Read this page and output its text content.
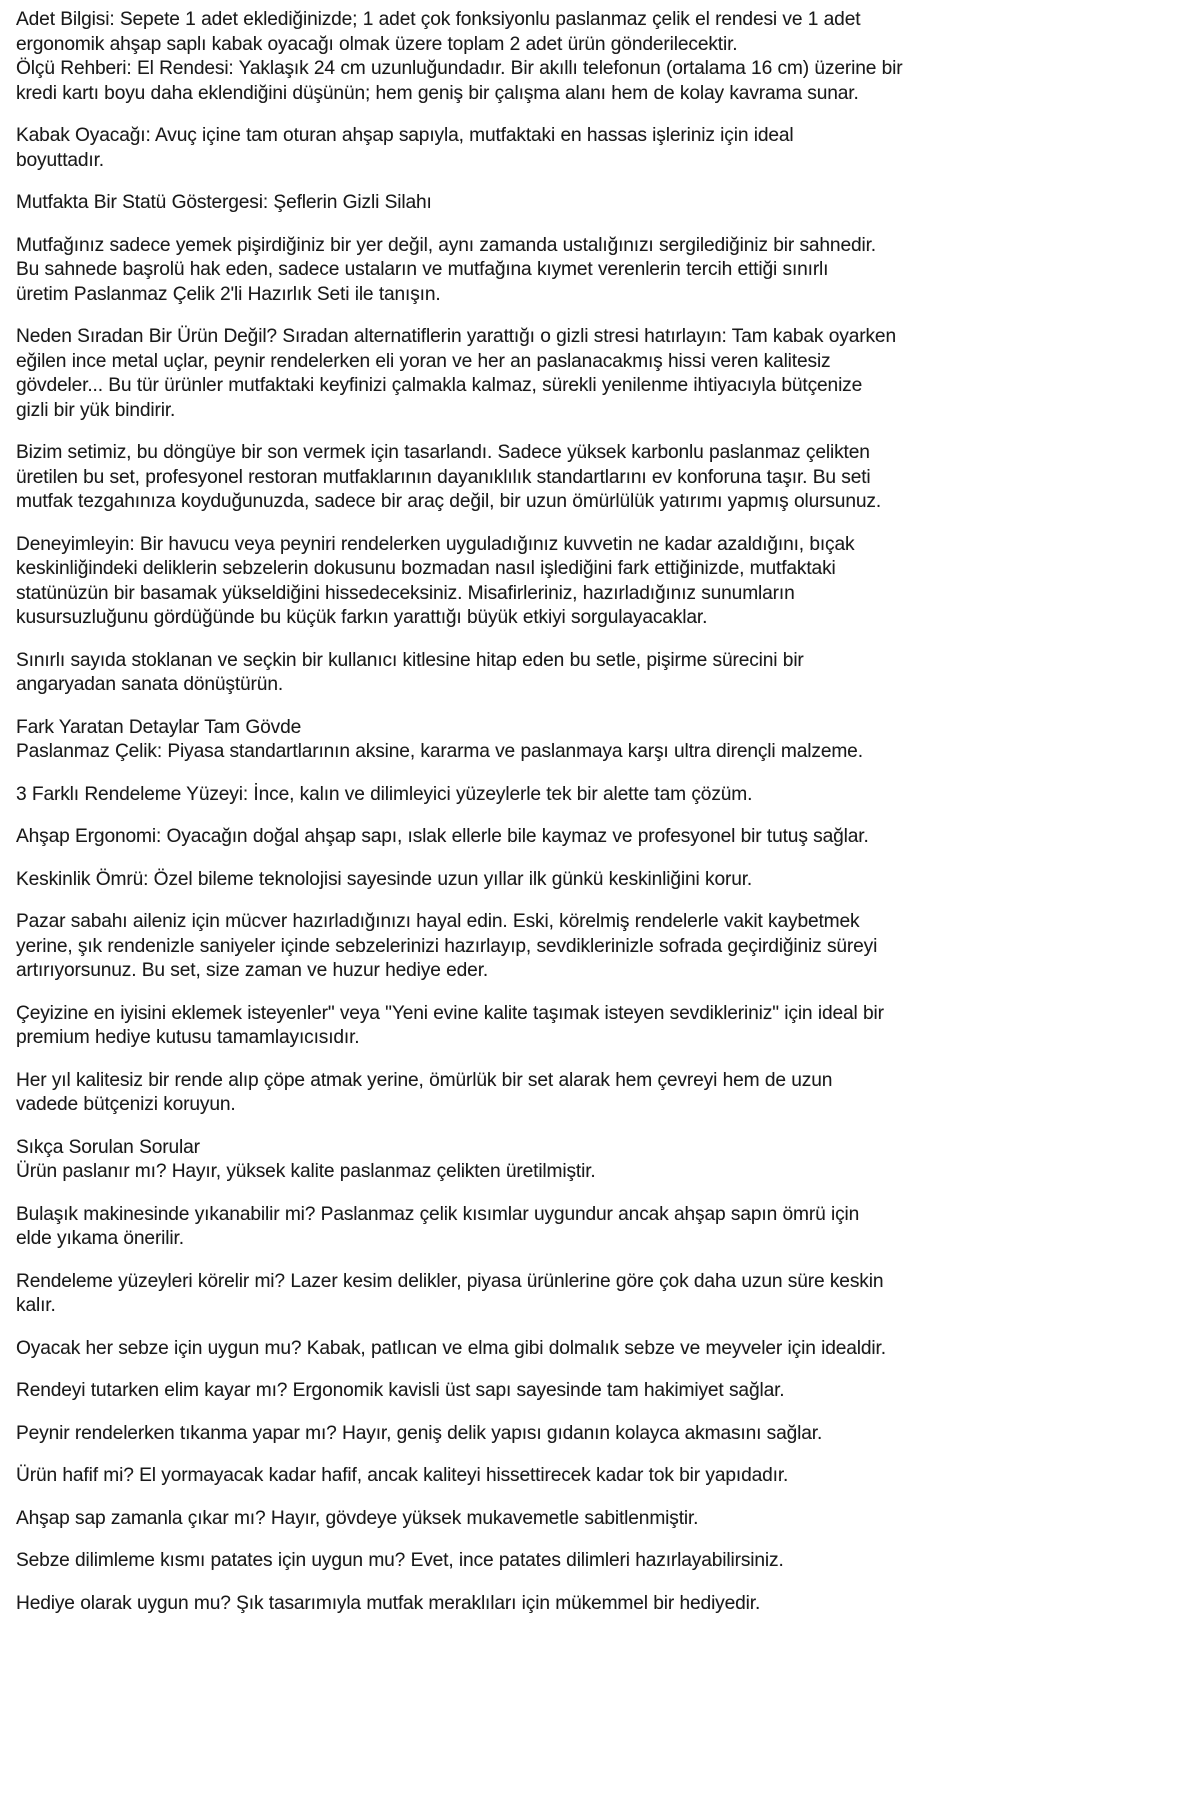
Adet Bilgisi: Sepete 1 adet eklediğinizde; 1 adet çok fonksiyonlu paslanmaz çelik el rendesi ve 1 adet

ergonomik ahşap saplı kabak oyacağı olmak üzere toplam 2 adet ürün gönderilecektir.

Ölçü Rehberi: El Rendesi: Yaklaşık 24 cm uzunluğundadır. Bir akıllı telefonun (ortalama 16 cm) üzerine bir

kredi kartı boyu daha eklendiğini düşünün; hem geniş bir çalışma alanı hem de kolay kavrama sunar.

Kabak Oyacağı: Avuç içine tam oturan ahşap sapıyla, mutfaktaki en hassas işleriniz için ideal

boyuttadır.

Mutfakta Bir Statü Göstergesi: Şeflerin Gizli Silahı

Mutfağınız sadece yemek pişirdiğiniz bir yer değil, aynı zamanda ustalığınızı sergilediğiniz bir sahnedir.

Bu sahnede başrolü hak eden, sadece ustaların ve mutfağına kıymet verenlerin tercih ettiği sınırlı

üretim Paslanmaz Çelik 2'li Hazırlık Seti ile tanışın.

Neden Sıradan Bir Ürün Değil? Sıradan alternatiflerin yarattığı o gizli stresi hatırlayın: Tam kabak oyarken

eğilen ince metal uçlar, peynir rendelerken eli yoran ve her an paslanacakmış hissi veren kalitesiz

gövdeler... Bu tür ürünler mutfaktaki keyfinizi çalmakla kalmaz, sürekli yenilenme ihtiyacıyla bütçenize

gizli bir yük bindirir.

Bizim setimiz, bu döngüye bir son vermek için tasarlandı. Sadece yüksek karbonlu paslanmaz çelikten

üretilen bu set, profesyonel restoran mutfaklarının dayanıklılık standartlarını ev konforuna taşır. Bu seti

mutfak tezgahınıza koyduğunuzda, sadece bir araç değil, bir uzun ömürlülük yatırımı yapmış olursunuz.

Deneyimleyin: Bir havucu veya peyniri rendelerken uyguladığınız kuvvetin ne kadar azaldığını, bıçak

keskinliğindeki deliklerin sebzelerin dokusunu bozmadan nasıl işlediğini fark ettiğinizde, mutfaktaki

statünüzün bir basamak yükseldiğini hissedeceksiniz. Misafirleriniz, hazırladığınız sunumların

kusursuzluğunu gördüğünde bu küçük farkın yarattığı büyük etkiyi sorgulayacaklar.

Sınırlı sayıda stoklanan ve seçkin bir kullanıcı kitlesine hitap eden bu setle, pişirme sürecini bir

angaryadan sanata dönüştürün.

Fark Yaratan Detaylar Tam Gövde

Paslanmaz Çelik: Piyasa standartlarının aksine, kararma ve paslanmaya karşı ultra dirençli malzeme.

3 Farklı Rendeleme Yüzeyi: İnce, kalın ve dilimleyici yüzeylerle tek bir alette tam çözüm.

Ahşap Ergonomi: Oyacağın doğal ahşap sapı, ıslak ellerle bile kaymaz ve profesyonel bir tutuş sağlar.

Keskinlik Ömrü: Özel bileme teknolojisi sayesinde uzun yıllar ilk günkü keskinliğini korur.

Pazar sabahı aileniz için mücver hazırladığınızı hayal edin. Eski, körelmiş rendelerle vakit kaybetmek

yerine, şık rendenizle saniyeler içinde sebzelerinizi hazırlayıp, sevdiklerinizle sofrada geçirdiğiniz süreyi

artırıyorsunuz. Bu set, size zaman ve huzur hediye eder.

Çeyizine en iyisini eklemek isteyenler" veya "Yeni evine kalite taşımak isteyen sevdikleriniz" için ideal bir

premium hediye kutusu tamamlayıcısıdır.

Her yıl kalitesiz bir rende alıp çöpe atmak yerine, ömürlük bir set alarak hem çevreyi hem de uzun

vadede bütçenizi koruyun.

Sıkça Sorulan Sorular

Ürün paslanır mı? Hayır, yüksek kalite paslanmaz çelikten üretilmiştir.

Bulaşık makinesinde yıkanabilir mi? Paslanmaz çelik kısımlar uygundur ancak ahşap sapın ömrü için

elde yıkama önerilir.

Rendeleme yüzeyleri körelir mi? Lazer kesim delikler, piyasa ürünlerine göre çok daha uzun süre keskin

kalır.

Oyacak her sebze için uygun mu? Kabak, patlıcan ve elma gibi dolmalık sebze ve meyveler için idealdir.

Rendeyi tutarken elim kayar mı? Ergonomik kavisli üst sapı sayesinde tam hakimiyet sağlar.

Peynir rendelerken tıkanma yapar mı? Hayır, geniş delik yapısı gıdanın kolayca akmasını sağlar.

Ürün hafif mi? El yormayacak kadar hafif, ancak kaliteyi hissettirecek kadar tok bir yapıdadır.

Ahşap sap zamanla çıkar mı? Hayır, gövdeye yüksek mukavemetle sabitlenmiştir.

Sebze dilimleme kısmı patates için uygun mu? Evet, ince patates dilimleri hazırlayabilirsiniz.

Hediye olarak uygun mu? Şık tasarımıyla mutfak meraklıları için mükemmel bir hediyedir.
